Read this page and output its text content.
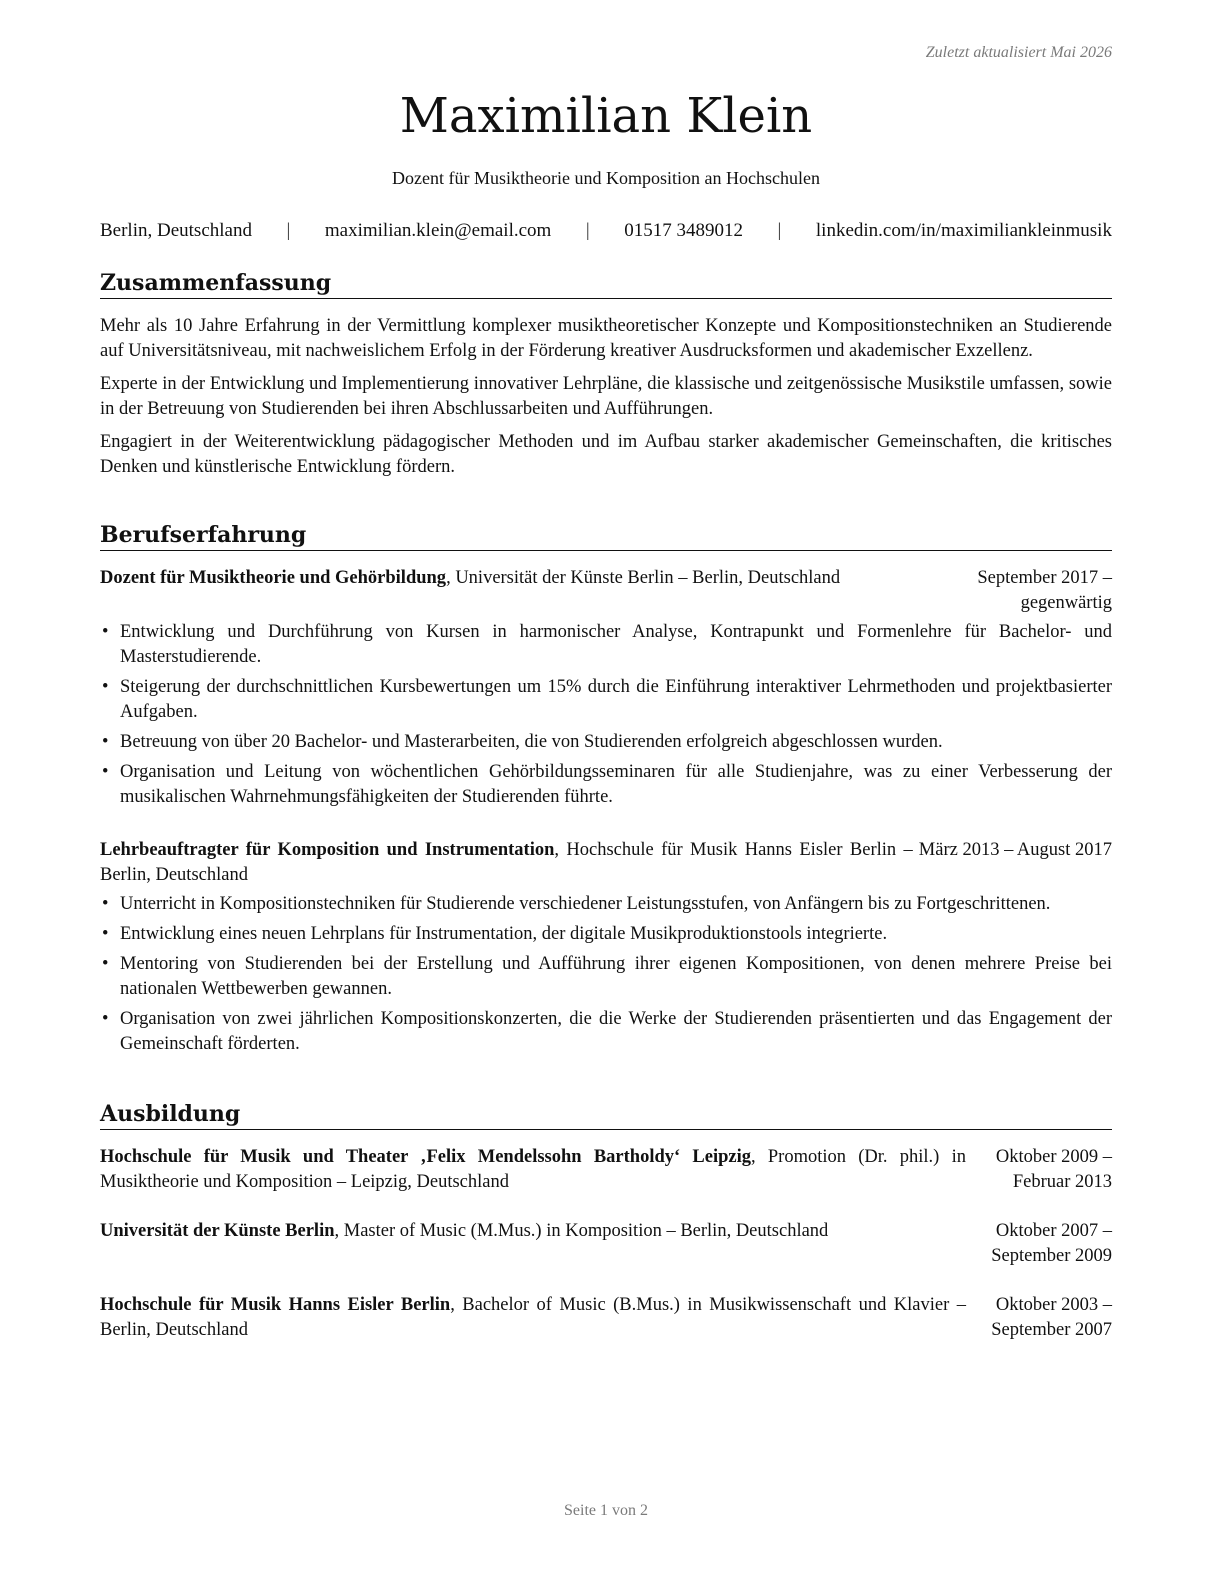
Zuletzt aktualisiert Mai 2026
Maximilian Klein
Dozent für Musiktheorie und Komposition an Hochschulen
Berlin, Deutschland | maximilian.klein@email.com | 01517 3489012 | linkedin.com/in/maximiliankleinmusik
Zusammenfassung

Mehr als 10 Jahre Erfahrung in der Vermittlung komplexer musiktheoretischer Konzepte und Kompositionstechniken an Studierende auf Universitätsniveau, mit nachweislichem Erfolg in der Förderung kreativer Ausdrucksformen und akademischer Exzellenz.

Experte in der Entwicklung und Implementierung innovativer Lehrpläne, die klassische und zeitgenössische Musikstile umfassen, sowie in der Betreuung von Studierenden bei ihren Abschlussarbeiten und Aufführungen.

Engagiert in der Weiterentwicklung pädagogischer Methoden und im Aufbau starker akademischer Gemeinschaften, die kritisches Denken und künstlerische Entwicklung fördern.

Berufserfahrung
Dozent für Musiktheorie und Gehörbildung, Universität der Künste Berlin – Berlin, Deutschland	September 2017 – gegenwärtig
• Entwicklung und Durchführung von Kursen in harmonischer Analyse, Kontrapunkt und Formenlehre für Bachelor- und Masterstudierende.
• Steigerung der durchschnittlichen Kursbewertungen um 15% durch die Einführung interaktiver Lehrmethoden und projektbasierter Aufgaben.
• Betreuung von über 20 Bachelor- und Masterarbeiten, die von Studierenden erfolgreich abgeschlossen wurden.
• Organisation und Leitung von wöchentlichen Gehörbildungsseminaren für alle Studienjahre, was zu einer Verbesserung der musikalischen Wahrnehmungsfähigkeiten der Studierenden führte.
Lehrbeauftragter für Komposition und Instrumentation, Hochschule für Musik Hanns Eisler Berlin – Berlin, Deutschland
März 2013 – August 2017
• Unterricht in Kompositionstechniken für Studierende verschiedener Leistungsstufen, von Anfängern bis zu Fortgeschrittenen.
• Entwicklung eines neuen Lehrplans für Instrumentation, der digitale Musikproduktionstools integrierte.
• Mentoring von Studierenden bei der Erstellung und Aufführung ihrer eigenen Kompositionen, von denen mehrere Preise bei nationalen Wettbewerben gewannen.
• Organisation von zwei jährlichen Kompositionskonzerten, die die Werke der Studierenden präsentierten und das Engagement der Gemeinschaft förderten.
Ausbildung
Hochschule für Musik und Theater ‚Felix Mendelssohn Bartholdy‘ Leipzig, Promotion (Dr. phil.) in Musiktheorie und Komposition – Leipzig, Deutschland
Oktober 2009 – Februar 2013
Universität der Künste Berlin, Master of Music (M.Mus.) in Komposition – Berlin, Deutschland	Oktober 2007 – September 2009
Hochschule für Musik Hanns Eisler Berlin, Bachelor of Music (B.Mus.) in Musikwissenschaft und Klavier – Berlin, Deutschland
Oktober 2003 – September 2007
Seite 1 von 2
